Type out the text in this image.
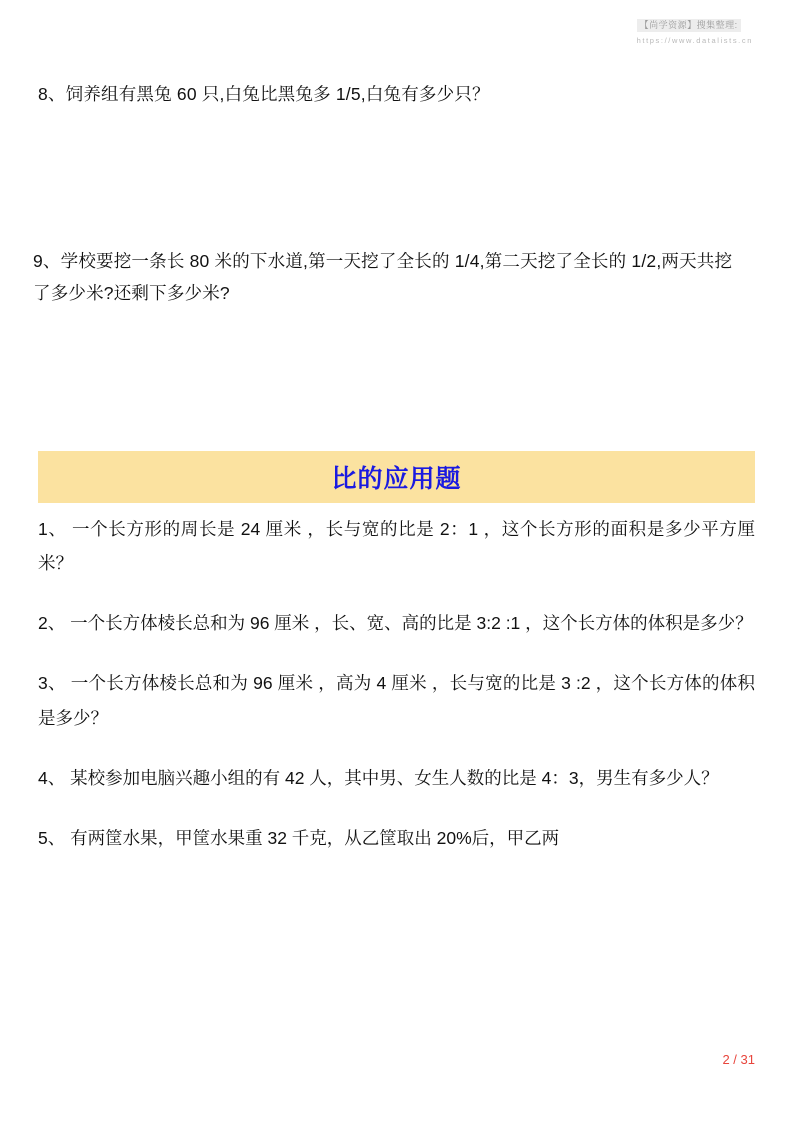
【尚学资源】搜集整理:
https://www.datalists.cn
8、饲养组有黑兔 60 只,白兔比黑兔多 1/5,白兔有多少只？
9、学校要挖一条长 80 米的下水道,第一天挖了全长的 1/4,第二天挖了全长的 1/2,两天共挖了多少米?还剩下多少米?
比的应用题
1、 一个长方形的周长是 24 厘米 ，长与宽的比是 2：1 ，这个长方形的面积是多少平方厘米？
2、 一个长方体棱长总和为 96 厘米 ，长、宽、高的比是 3:2 :1 ，这个长方体的体积是多少？
3、 一个长方体棱长总和为 96 厘米 ，高为 4 厘米 ，长与宽的比是 3 :2 ，这个长方体的体积是多少？
4、 某校参加电脑兴趣小组的有 42 人，其中男、女生人数的比是 4：3，男生有多少人？
5、 有两筐水果，甲筐水果重 32 千克，从乙筐取出 20%后，甲乙两
2 / 31
